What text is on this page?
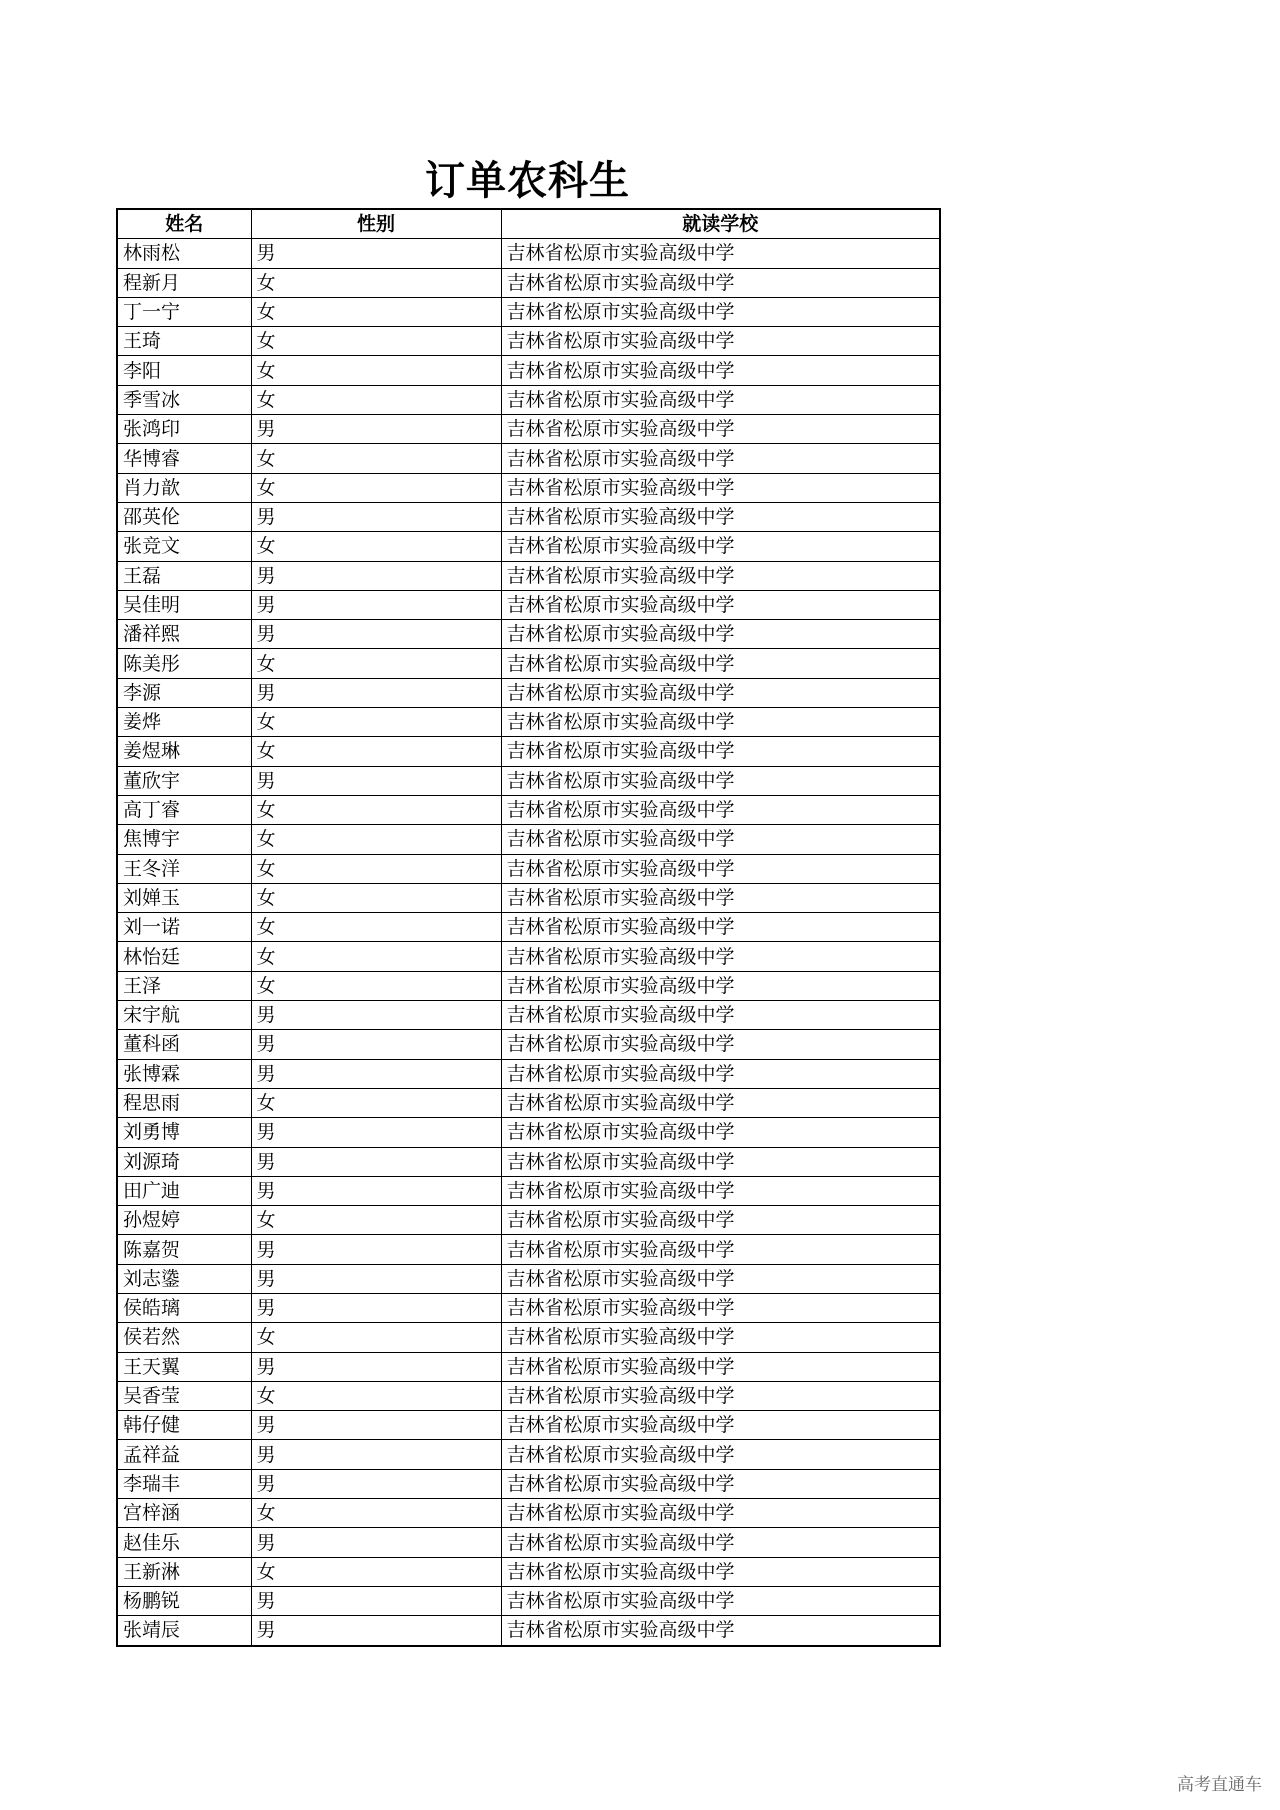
订单农科生
姓名	性别	就读学校
林雨松	男	吉林省松原市实验高级中学
程新月	女	吉林省松原市实验高级中学
丁一宁	女	吉林省松原市实验高级中学
王琦	女	吉林省松原市实验高级中学
李阳	女	吉林省松原市实验高级中学
季雪冰	女	吉林省松原市实验高级中学
张鸿印	男	吉林省松原市实验高级中学
华博睿	女	吉林省松原市实验高级中学
肖力歆	女	吉林省松原市实验高级中学
邵英伦	男	吉林省松原市实验高级中学
张竞文	女	吉林省松原市实验高级中学
王磊	男	吉林省松原市实验高级中学
吴佳明	男	吉林省松原市实验高级中学
潘祥熙	男	吉林省松原市实验高级中学
陈美彤	女	吉林省松原市实验高级中学
李源	男	吉林省松原市实验高级中学
姜烨	女	吉林省松原市实验高级中学
姜煜琳	女	吉林省松原市实验高级中学
董欣宇	男	吉林省松原市实验高级中学
高丁睿	女	吉林省松原市实验高级中学
焦博宇	女	吉林省松原市实验高级中学
王冬洋	女	吉林省松原市实验高级中学
刘婵玉	女	吉林省松原市实验高级中学
刘一诺	女	吉林省松原市实验高级中学
林怡廷	女	吉林省松原市实验高级中学
王泽	女	吉林省松原市实验高级中学
宋宇航	男	吉林省松原市实验高级中学
董科函	男	吉林省松原市实验高级中学
张博霖	男	吉林省松原市实验高级中学
程思雨	女	吉林省松原市实验高级中学
刘勇博	男	吉林省松原市实验高级中学
刘源琦	男	吉林省松原市实验高级中学
田广迪	男	吉林省松原市实验高级中学
孙煜婷	女	吉林省松原市实验高级中学
陈嘉贺	男	吉林省松原市实验高级中学
刘志鍌	男	吉林省松原市实验高级中学
侯皓璃	男	吉林省松原市实验高级中学
侯若然	女	吉林省松原市实验高级中学
王天翼	男	吉林省松原市实验高级中学
吴香莹	女	吉林省松原市实验高级中学
韩仔健	男	吉林省松原市实验高级中学
孟祥益	男	吉林省松原市实验高级中学
李瑞丰	男	吉林省松原市实验高级中学
宫梓涵	女	吉林省松原市实验高级中学
赵佳乐	男	吉林省松原市实验高级中学
王新淋	女	吉林省松原市实验高级中学
杨鹏锐	男	吉林省松原市实验高级中学
张靖辰	男	吉林省松原市实验高级中学
高考直通车
